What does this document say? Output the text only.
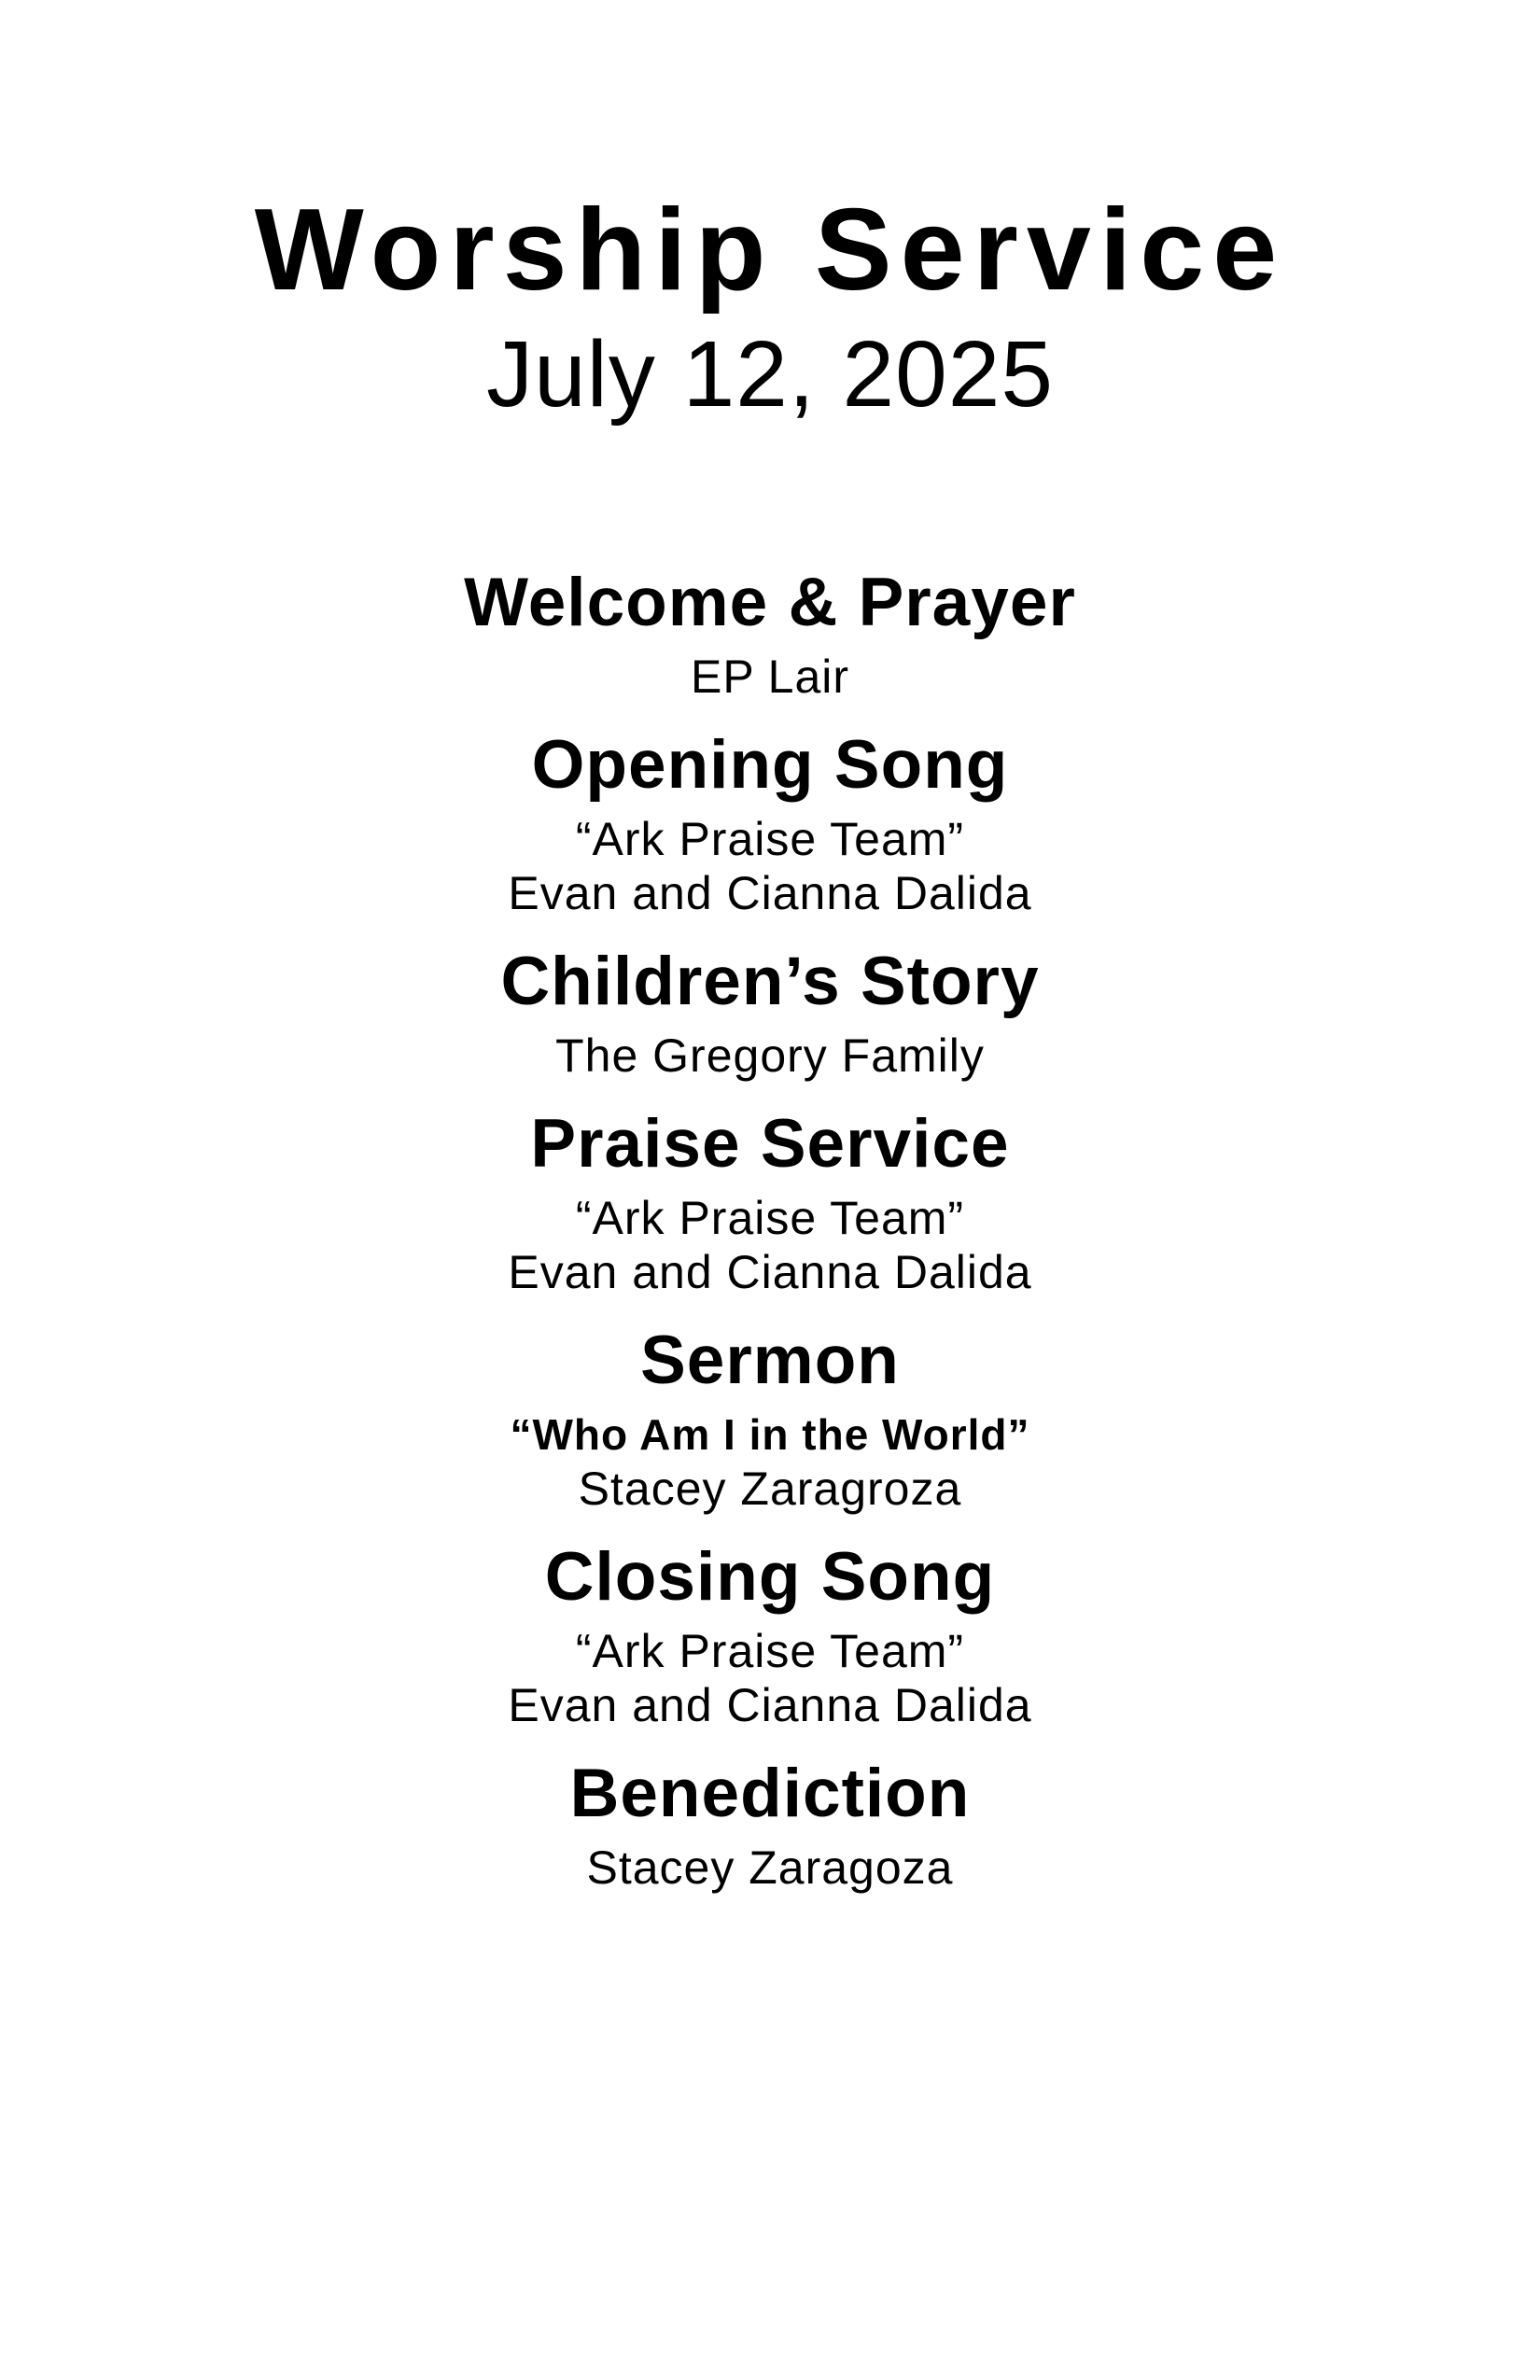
Worship Service
July 12, 2025
Welcome & Prayer
EP Lair
Opening Song
“Ark Praise Team”
Evan and Cianna Dalida
Children’s Story
The Gregory Family
Praise Service
“Ark Praise Team”
Evan and Cianna Dalida
Sermon
“Who Am I in the World”
Stacey Zaragroza
Closing Song
“Ark Praise Team”
Evan and Cianna Dalida
Benediction
Stacey Zaragoza
